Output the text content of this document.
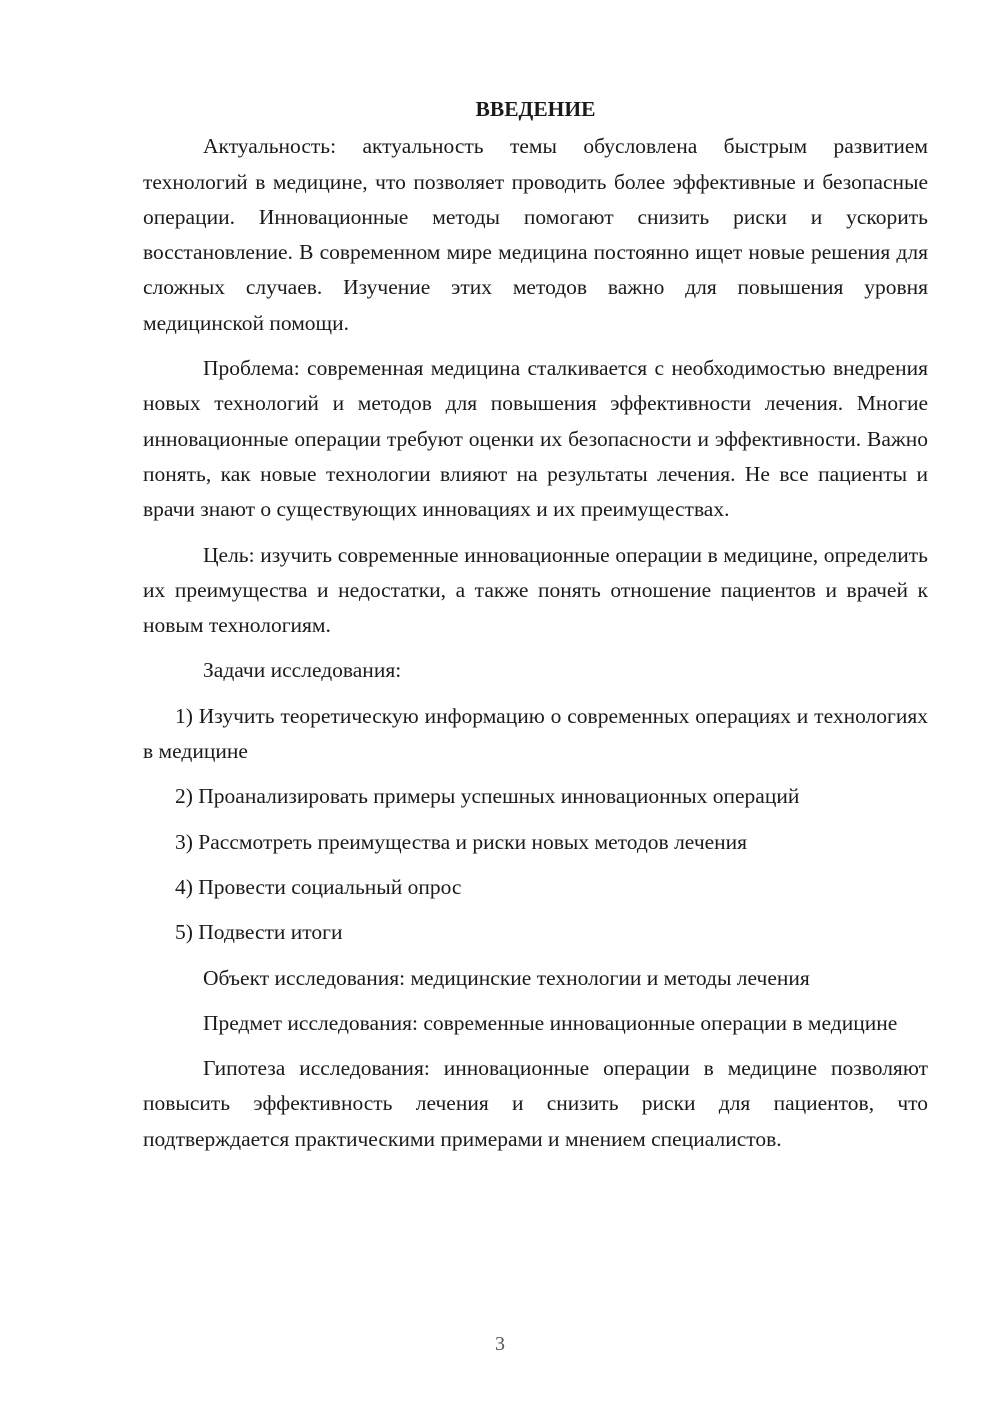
ВВЕДЕНИЕ

Актуальность: актуальность темы обусловлена быстрым развитием технологий в медицине, что позволяет проводить более эффективные и безопасные операции. Инновационные методы помогают снизить риски и ускорить восстановление. В современном мире медицина постоянно ищет новые решения для сложных случаев. Изучение этих методов важно для повышения уровня медицинской помощи.

Проблема: современная медицина сталкивается с необходимостью внедрения новых технологий и методов для повышения эффективности лечения. Многие инновационные операции требуют оценки их безопасности и эффективности. Важно понять, как новые технологии влияют на результаты лечения. Не все пациенты и врачи знают о существующих инновациях и их преимуществах.

Цель: изучить современные инновационные операции в медицине, определить их преимущества и недостатки, а также понять отношение пациентов и врачей к новым технологиям.

Задачи исследования:

1) Изучить теоретическую информацию о современных операциях и технологиях в медицине

2) Проанализировать примеры успешных инновационных операций

3) Рассмотреть преимущества и риски новых методов лечения

4) Провести социальный опрос

5) Подвести итоги

Объект исследования: медицинские технологии и методы лечения

Предмет исследования: современные инновационные операции в медицине

Гипотеза исследования: инновационные операции в медицине позволяют повысить эффективность лечения и снизить риски для пациентов, что подтверждается практическими примерами и мнением специалистов.

3
